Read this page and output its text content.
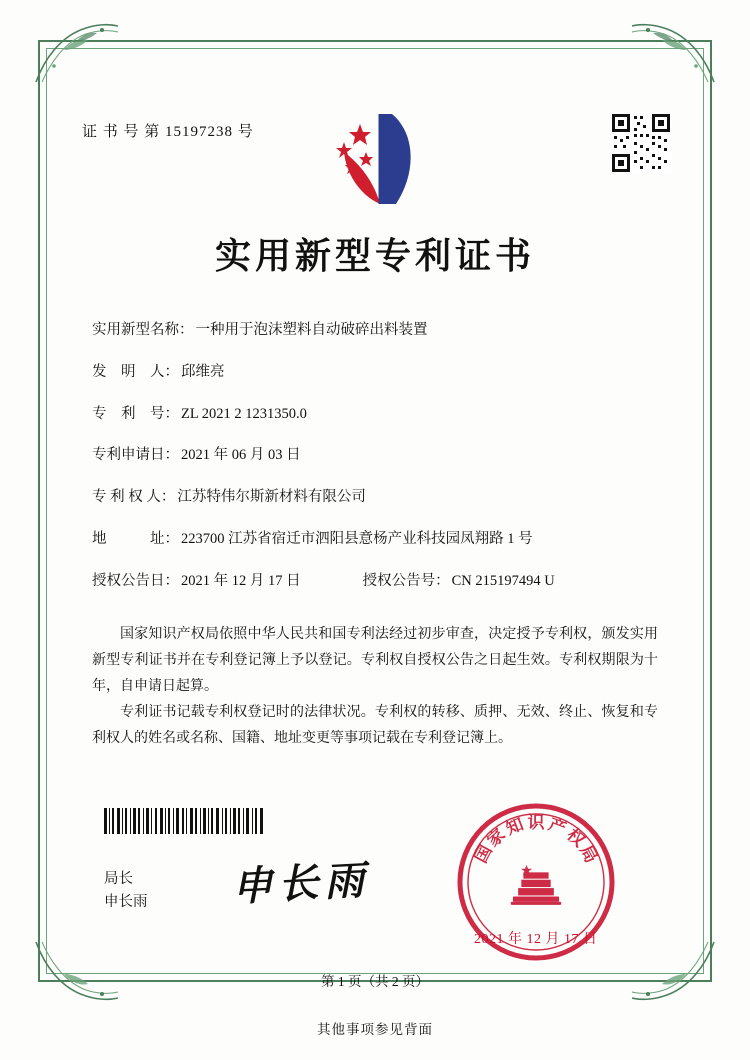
证 书 号 第 15197238 号
实用新型专利证书
实用新型名称： 一种用于泡沫塑料自动破碎出料装置
发　明　人： 邱维亮
专　利　号： ZL 2021 2 1231350.0
专利申请日： 2021 年 06 月 03 日
专 利 权 人： 江苏特伟尔斯新材料有限公司
地　　　址： 223700 江苏省宿迁市泗阳县意杨产业科技园凤翔路 1 号
授权公告日： 2021 年 12 月 17 日	授权公告号： CN 215197494 U

国家知识产权局依照中华人民共和国专利法经过初步审查，决定授予专利权，颁发实用新型专利证书并在专利登记簿上予以登记。专利权自授权公告之日起生效。专利权期限为十年，自申请日起算。

专利证书记载专利权登记时的法律状况。专利权的转移、质押、无效、终止、恢复和专利权人的姓名或名称、国籍、地址变更等事项记载在专利登记簿上。

局长
申长雨 申长雨
国
家
知 识 产
权
局
2021 年 12 月 17 日
第 1 页（共 2 页）
其他事项参见背面
